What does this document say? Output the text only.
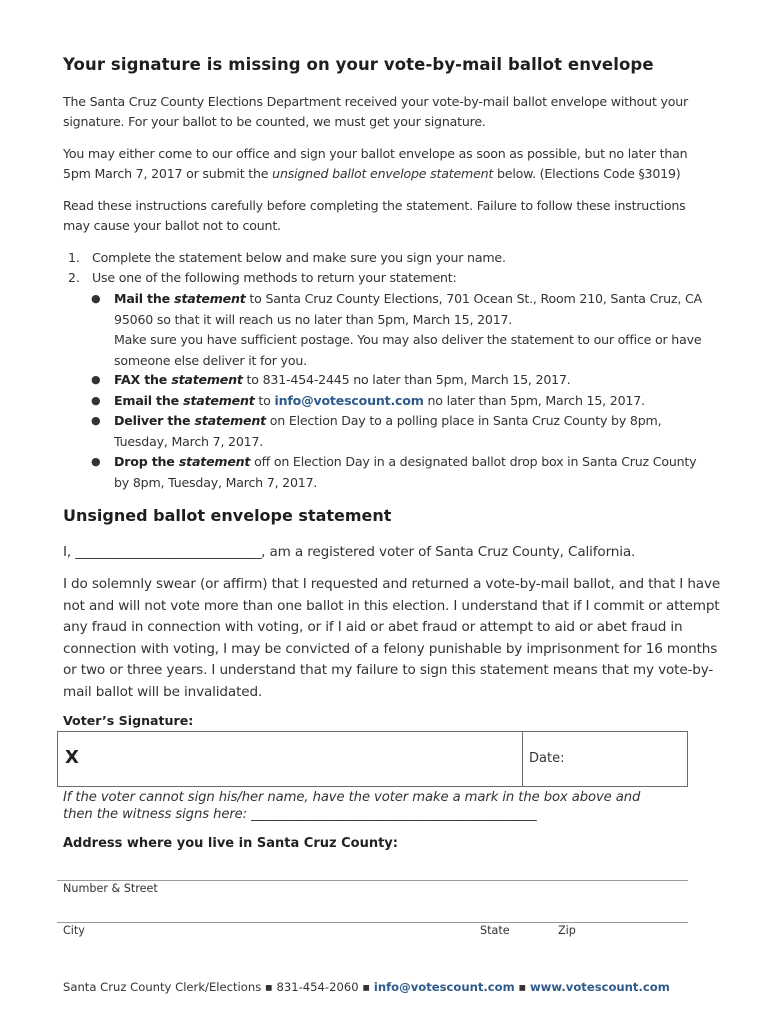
Your signature is missing on your vote-by-mail ballot envelope
The Santa Cruz County Elections Department received your vote-by-mail ballot envelope without your signature. For your ballot to be counted, we must get your signature.
You may either come to our office and sign your ballot envelope as soon as possible, but no later than 5pm March 7, 2017 or submit the unsigned ballot envelope statement below. (Elections Code §3019)
Read these instructions carefully before completing the statement. Failure to follow these instructions may cause your ballot not to count.
1. Complete the statement below and make sure you sign your name.
2. Use one of the following methods to return your statement:
● Mail the statement to Santa Cruz County Elections, 701 Ocean St., Room 210, Santa Cruz, CA 95060 so that it will reach us no later than 5pm, March 15, 2017.
Make sure you have sufficient postage. You may also deliver the statement to our office or have someone else deliver it for you.
● FAX the statement to 831-454-2445 no later than 5pm, March 15, 2017.
● Email the statement to info@votescount.com no later than 5pm, March 15, 2017.
● Deliver the statement on Election Day to a polling place in Santa Cruz County by 8pm, Tuesday, March 7, 2017.
● Drop the statement off on Election Day in a designated ballot drop box in Santa Cruz County by 8pm, Tuesday, March 7, 2017.
Unsigned ballot envelope statement
I, ______________________________, am a registered voter of Santa Cruz County, California.
I do solemnly swear (or affirm) that I requested and returned a vote-by-mail ballot, and that I have not and will not vote more than one ballot in this election. I understand that if I commit or attempt any fraud in connection with voting, or if I aid or abet fraud or attempt to aid or abet fraud in connection with voting, I may be convicted of a felony punishable by imprisonment for 16 months or two or three years. I understand that my failure to sign this statement means that my vote-by-mail ballot will be invalidated.
Voter’s Signature:
X	Date:
If the voter cannot sign his/her name, have the voter make a mark in the box above and
then the witness signs here: __________________________________________________
Address where you live in Santa Cruz County:
Number & Street
City	State	Zip
Santa Cruz County Clerk/Elections ▪ 831-454-2060 ▪ info@votescount.com ▪ www.votescount.com
